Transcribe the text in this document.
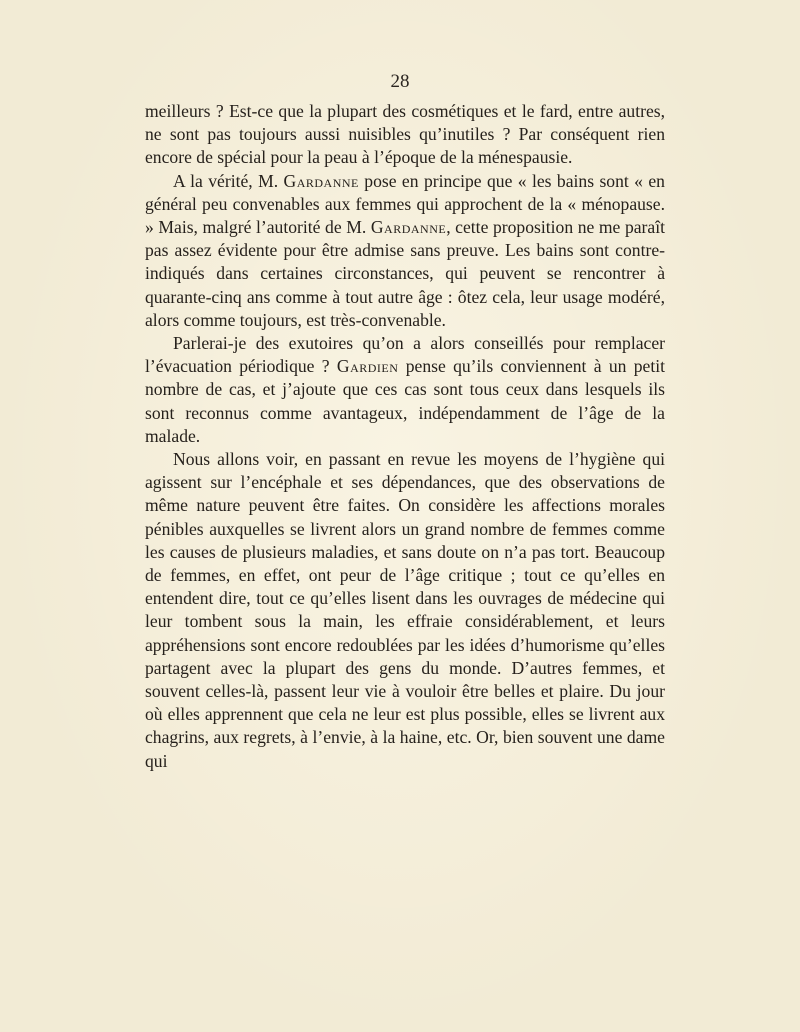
28

meilleurs ? Est-ce que la plupart des cosmétiques et le fard, entre autres, ne sont pas toujours aussi nuisibles qu’inutiles ? Par conséquent rien encore de spécial pour la peau à l’époque de la ménespausie.

A la vérité, M. Gardanne pose en principe que « les bains sont « en général peu convenables aux femmes qui approchent de la « ménopause. » Mais, malgré l’autorité de M. Gardanne, cette proposition ne me paraît pas assez évidente pour être admise sans preuve. Les bains sont contre-indiqués dans certaines circonstances, qui peuvent se rencontrer à quarante-cinq ans comme à tout autre âge : ôtez cela, leur usage modéré, alors comme toujours, est très-convenable.

Parlerai-je des exutoires qu’on a alors conseillés pour remplacer l’évacuation périodique ? Gardien pense qu’ils conviennent à un petit nombre de cas, et j’ajoute que ces cas sont tous ceux dans lesquels ils sont reconnus comme avantageux, indépendamment de l’âge de la malade.

Nous allons voir, en passant en revue les moyens de l’hygiène qui agissent sur l’encéphale et ses dépendances, que des observations de même nature peuvent être faites. On considère les affections morales pénibles auxquelles se livrent alors un grand nombre de femmes comme les causes de plusieurs maladies, et sans doute on n’a pas tort. Beaucoup de femmes, en effet, ont peur de l’âge critique ; tout ce qu’elles en entendent dire, tout ce qu’elles lisent dans les ouvrages de médecine qui leur tombent sous la main, les effraie considérablement, et leurs appréhensions sont encore redoublées par les idées d’humorisme qu’elles partagent avec la plupart des gens du monde. D’autres femmes, et souvent celles-là, passent leur vie à vouloir être belles et plaire. Du jour où elles apprennent que cela ne leur est plus possible, elles se livrent aux chagrins, aux regrets, à l’envie, à la haine, etc. Or, bien souvent une dame qui
